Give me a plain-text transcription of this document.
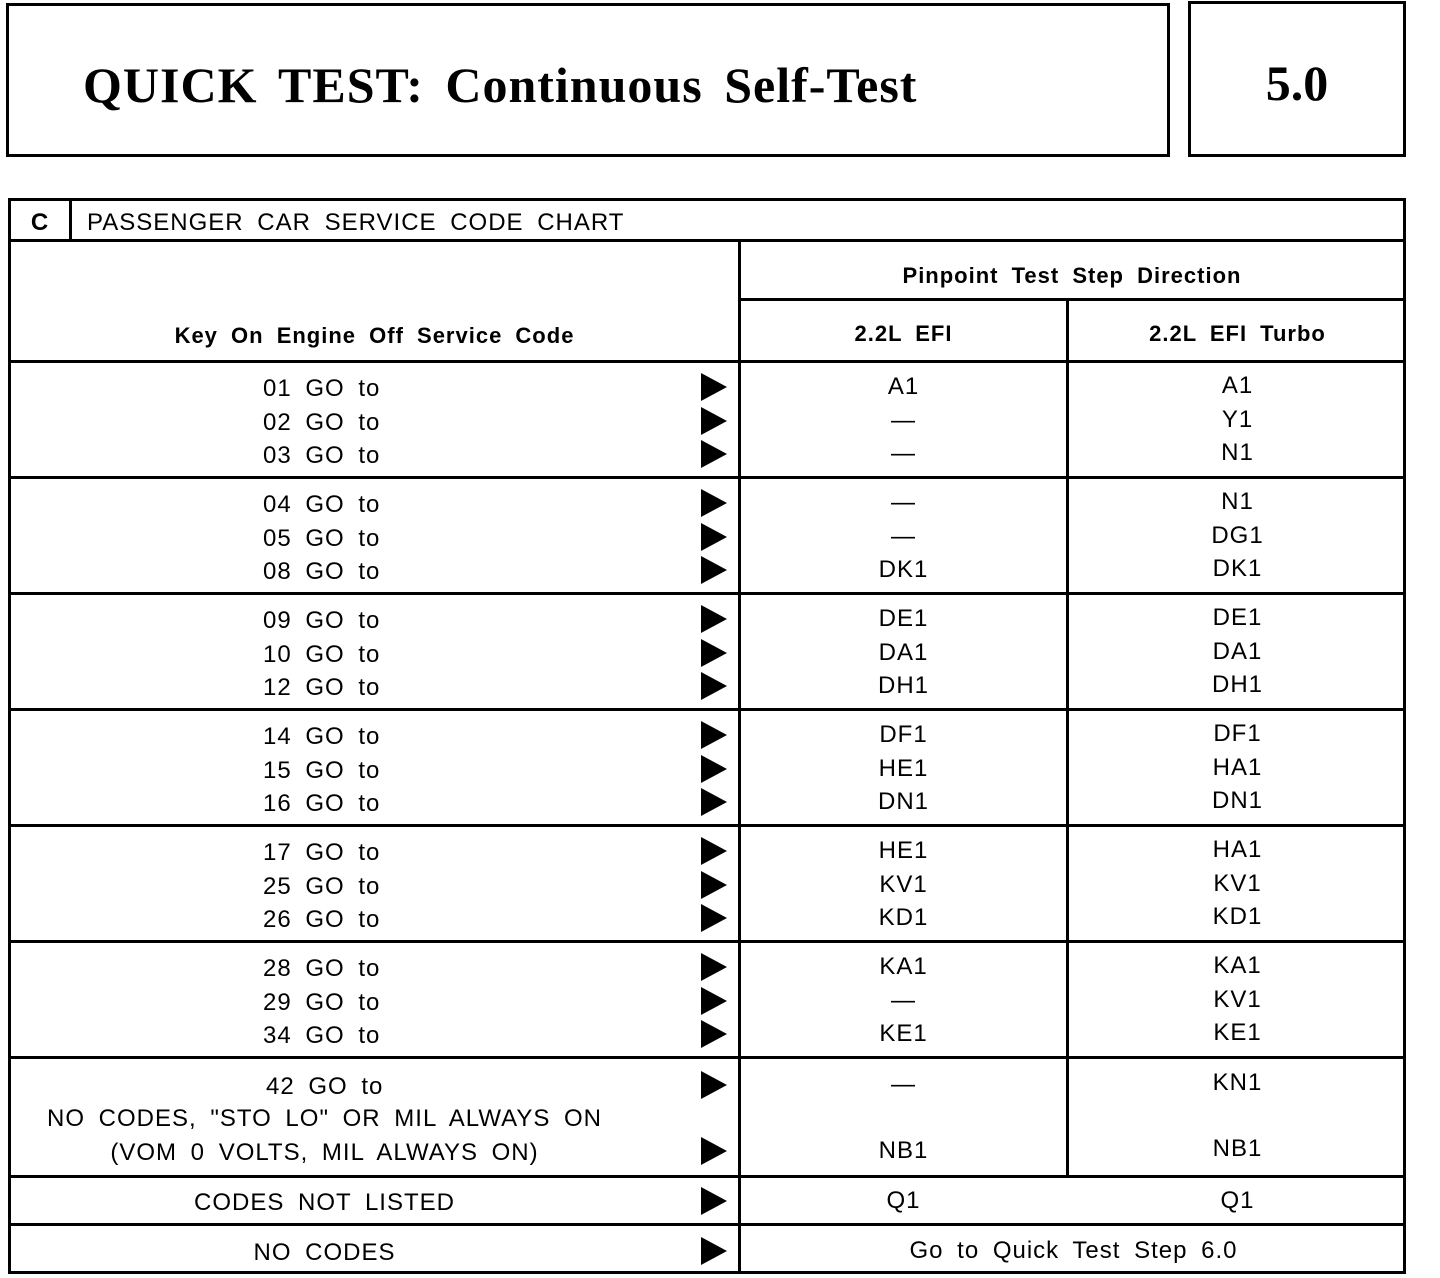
QUICK TEST: Continuous Self-Test	5.0
C	PASSENGER CAR SERVICE CODE CHART
Pinpoint Test Step Direction
Key On Engine Off Service Code	2.2L EFI	2.2L EFI Turbo
01 GO to	A1	A1
02 GO to	—	Y1
03 GO to	—	N1
04 GO to	—	N1
05 GO to	—	DG1
08 GO to	DK1	DK1
09 GO to	DE1	DE1
10 GO to	DA1	DA1
12 GO to	DH1	DH1
14 GO to	DF1	DF1
15 GO to	HE1	HA1
16 GO to	DN1	DN1
17 GO to	HE1	HA1
25 GO to	KV1	KV1
26 GO to	KD1	KD1
28 GO to	KA1	KA1
29 GO to	—	KV1
34 GO to	KE1	KE1
42 GO to	—	KN1
NO CODES, "STO LO" OR MIL ALWAYS ON
(VOM 0 VOLTS, MIL ALWAYS ON)	NB1	NB1
CODES NOT LISTED	Q1	Q1
NO CODES	Go to Quick Test Step 6.0
